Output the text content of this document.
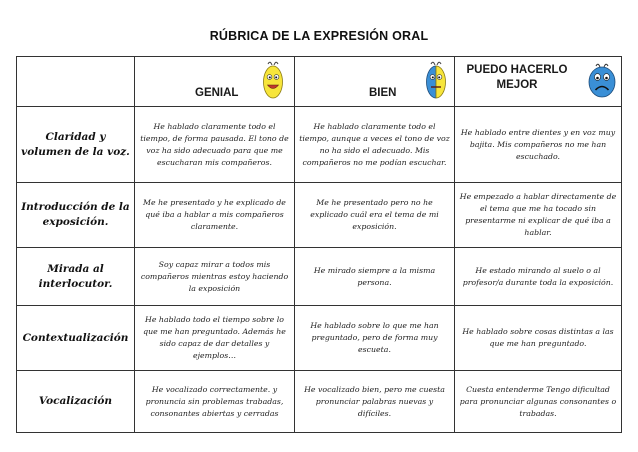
RÚBRICA DE LA EXPRESIÓN ORAL

	GENIAL	BIEN	PUEDO HACERLO MEJOR

Claridad y volumen de la voz.	He hablado claramente todo el tiempo, de forma pausada. El tono de voz ha sido adecuado para que me escucharan mis compañeros.	He hablado claramente todo el tiempo, aunque a veces el tono de voz no ha sido el adecuado. Mis compañeros no me podían escuchar.	He hablado entre dientes y en voz muy bajita. Mis compañeros no me han escuchado.
Introducción de la exposición.	Me he presentado y he explicado de qué iba a hablar a mis compañeros claramente.	Me he presentado pero no he explicado cuál era el tema de mi exposición.	He empezado a hablar directamente de el tema que me ha tocado sin presentarme ni explicar de qué iba a hablar.
Mirada al interlocutor.	Soy capaz mirar a todos mis compañeros mientras estoy haciendo la exposición	He mirado siempre a la misma persona.	He estado mirando al suelo o al profesor/a durante toda la exposición.
Contextualización	He hablado todo el tiempo sobre lo que me han preguntado. Además he sido capaz de dar detalles y ejemplos…	He hablado sobre lo que me han preguntado, pero de forma muy escueta.	He hablado sobre cosas distintas a las que me han preguntado.
Vocalización	He vocalizado correctamente. y pronuncia sin problemas trabadas, consonantes abiertas y cerradas	He vocalizado bien, pero me cuesta pronunciar palabras nuevas y difíciles.	Cuesta entenderme Tengo dificultad para pronunciar algunas consonantes o trabadas.
